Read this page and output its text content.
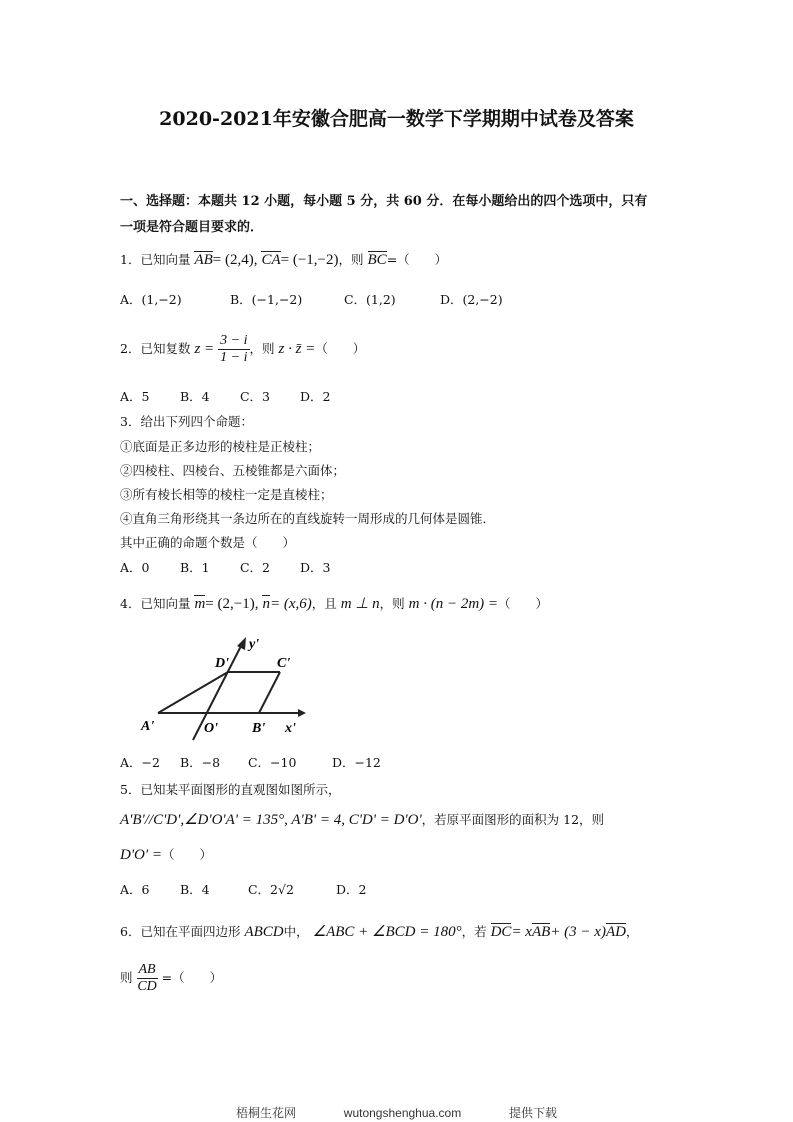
2020-2021年安徽合肥高一数学下学期期中试卷及答案
一、选择题：本题共 12 小题，每小题 5 分，共 60 分．在每小题给出的四个选项中，只有
一项是符合题目要求的．
1．已知向量 AB= (2,4), CA= (−1,−2)，则 BC=（　　）
A．(1,−2)	B．(−1,−2)	C．(1,2)	D．(2,−2)
2．已知复数 $z = \frac{3 - i}{1 - i}$ ，则 z · z̄ =（　　）
A．5 B．4 C．3 D．2
3．给出下列四个命题：
①底面是正多边形的棱柱是正棱柱；
②四棱柱、四棱台、五棱锥都是六面体；
③所有棱长相等的棱柱一定是直棱柱；
④直角三角形绕其一条边所在的直线旋转一周形成的几何体是圆锥．
其中正确的命题个数是（　　）
A．0 B．1 C．2 D．3
4．已知向量 m= (2,−1), n= (x,6)，且 m ⊥ n，则 m · (n − 2m) =（　　）
A'	O' B' x'
y'
D'	C'
A．−2 B．−8 C．−10	D．−12
5．已知某平面图形的直观图如图所示，
A'B'//C'D',∠D'O'A' = 135°, A'B' = 4, C'D' = D'O'，若原平面图形的面积为 12，则
D'O' =（　　）
A．6 B．4	C．2√2	D．2
6．已知在平面四边形 ABCD中， ∠ABC + ∠BCD = 180°，若 DC= xAB+ (3 − x)AD，
则 $\frac{AB}{CD}$ =（　　）
梧桐生花网	wutongshenghua.com	提供下载
